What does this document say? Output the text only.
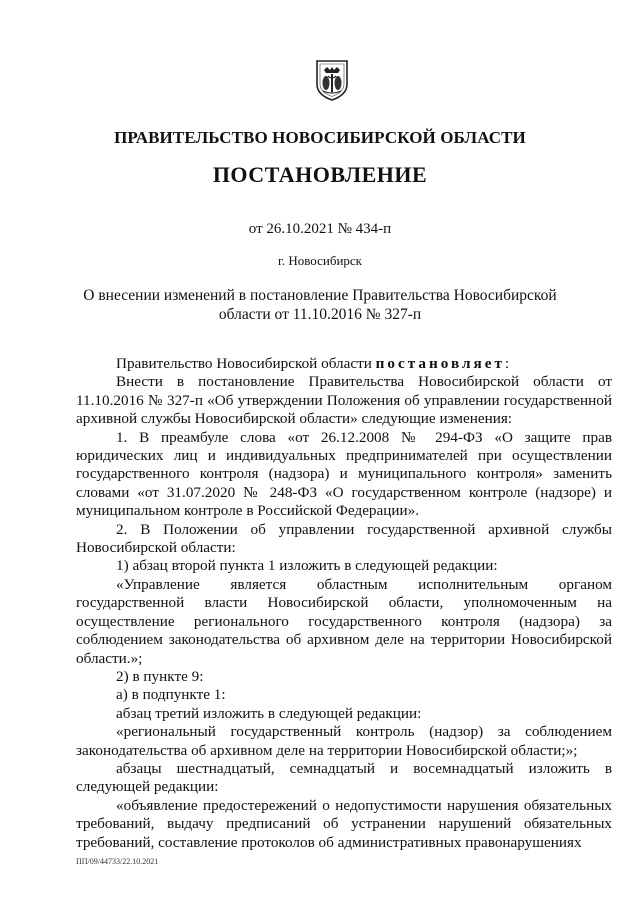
ПРАВИТЕЛЬСТВО НОВОСИБИРСКОЙ ОБЛАСТИ
ПОСТАНОВЛЕНИЕ
от 26.10.2021 № 434-п
г. Новосибирск
О внесении изменений в постановление Правительства Новосибирской области от 11.10.2016 № 327-п

Правительство Новосибирской области постановляет:

Внести в постановление Правительства Новосибирской области от 11.10.2016 № 327-п «Об утверждении Положения об управлении государственной архивной службы Новосибирской области» следующие изменения:

1. В преамбуле слова «от 26.12.2008 № 294-ФЗ «О защите прав юридических лиц и индивидуальных предпринимателей при осуществлении государственного контроля (надзора) и муниципального контроля» заменить словами «от 31.07.2020 № 248-ФЗ «О государственном контроле (надзоре) и муниципальном контроле в Российской Федерации».

2. В Положении об управлении государственной архивной службы Новосибирской области:

1) абзац второй пункта 1 изложить в следующей редакции:

«Управление является областным исполнительным органом государственной власти Новосибирской области, уполномоченным на осуществление регионального государственного контроля (надзора) за соблюдением законодательства об архивном деле на территории Новосибирской области.»;

2) в пункте 9:

а) в подпункте 1:

абзац третий изложить в следующей редакции:

«региональный государственный контроль (надзор) за соблюдением законодательства об архивном деле на территории Новосибирской области;»;

абзацы шестнадцатый, семнадцатый и восемнадцатый изложить в следующей редакции:

«объявление предостережений о недопустимости нарушения обязательных требований, выдачу предписаний об устранении нарушений обязательных требований, составление протоколов об административных правонарушениях

ПП/09/44733/22.10.2021
